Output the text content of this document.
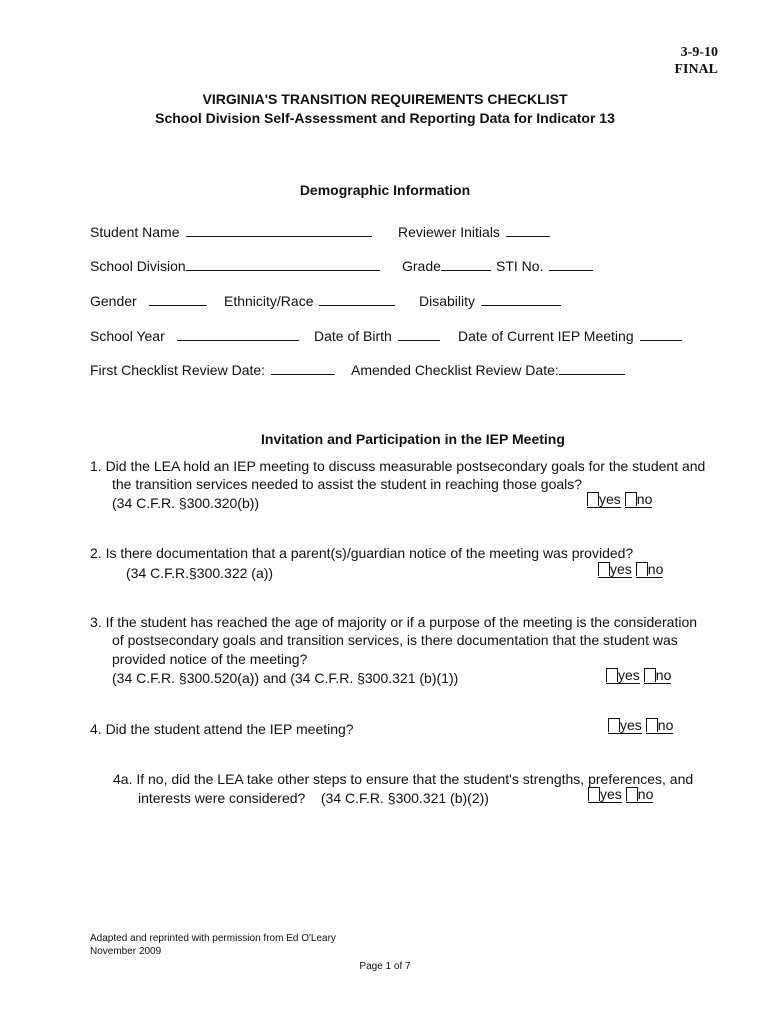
3-9-10
FINAL
VIRGINIA'S TRANSITION REQUIREMENTS CHECKLIST
School Division Self-Assessment and Reporting Data for Indicator 13
Demographic Information
Student Name	Reviewer Initials
School Division	Grade	STI No.
Gender	Ethnicity/Race	Disability
School Year	Date of Birth	Date of Current IEP Meeting
First Checklist Review Date:	Amended Checklist Review Date:
Invitation and Participation in the IEP Meeting
1. Did the LEA hold an IEP meeting to discuss measurable postsecondary goals for the student and
the transition services needed to assist the student in reaching those goals?
(34 C.F.R. §300.320(b))	yes no
2. Is there documentation that a parent(s)/guardian notice of the meeting was provided?
(34 C.F.R.§300.322 (a))	yes no
3. If the student has reached the age of majority or if a purpose of the meeting is the consideration
of postsecondary goals and transition services, is there documentation that the student was
provided notice of the meeting?
(34 C.F.R. §300.520(a)) and (34 C.F.R. §300.321 (b)(1))	yes no
4. Did the student attend the IEP meeting?	yes no
4a. If no, did the LEA take other steps to ensure that the student's strengths, preferences, and
interests were considered? (34 C.F.R. §300.321 (b)(2))	yes no
Adapted and reprinted with permission from Ed O'Leary
November 2009
Page 1 of 7
